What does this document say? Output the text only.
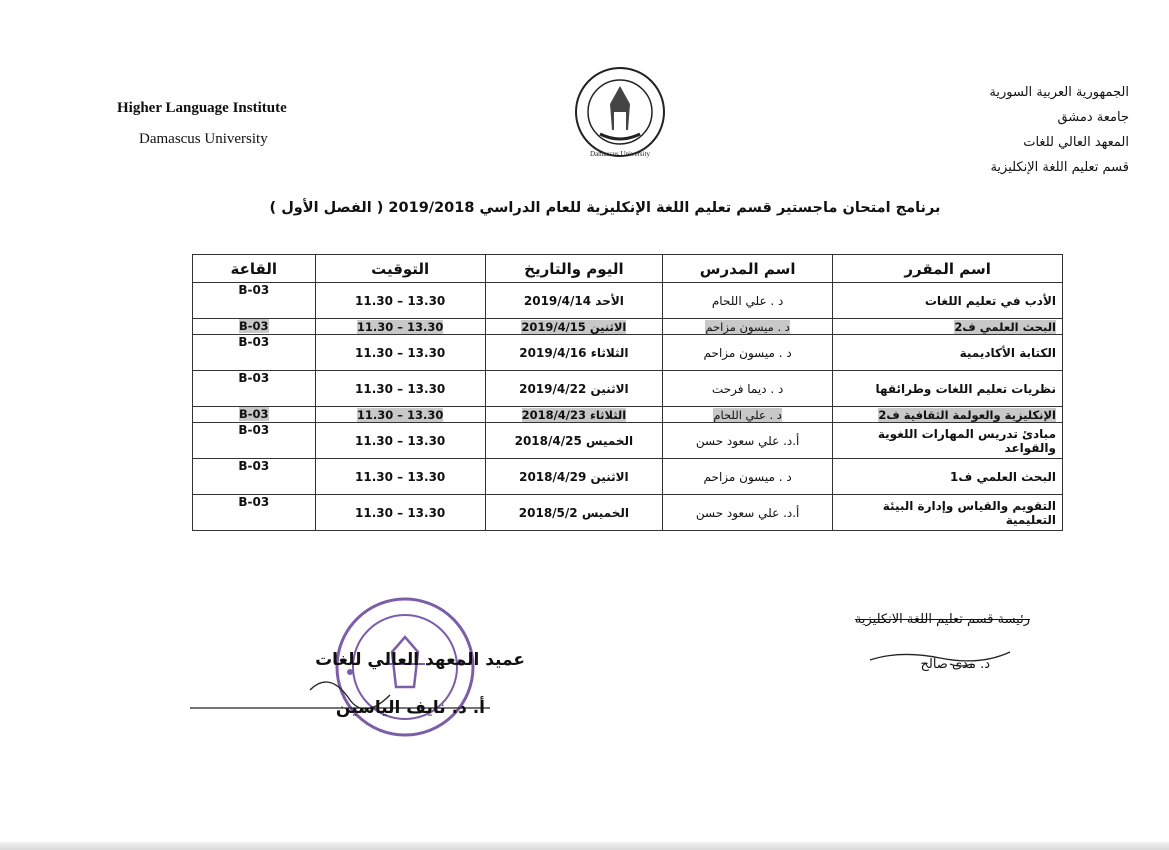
Higher Language Institute
Damascus University
Damascus University
الجمهورية العربية السورية
جامعة دمشق
المعهد العالي للغات
قسم تعليم اللغة الإنكليزية
برنامج امتحان ماجستير قسم تعليم اللغة الإنكليزية للعام الدراسي 2019/2018 ( الفصل الأول )
اسم المقرر	اسم المدرس	اليوم والتاريخ	التوقيت	القاعة
الأدب في تعليم اللغات	د . علي اللحام	الأحد 2019/4/14	13.30 – 11.30	B-03
البحث العلمي ف2	د . ميسون مزاحم	الاثنين 2019/4/15	13.30 – 11.30	B-03
الكتابة الأكاديمية	د . ميسون مزاحم	الثلاثاء 2019/4/16	13.30 – 11.30	B-03
نظريات تعليم اللغات وطرائقها	د . ديما فرحت	الاثنين 2019/4/22	13.30 – 11.30	B-03
الإنكليزية والعولمة الثقافية ف2	د . علي اللحام	الثلاثاء 2018/4/23	13.30 – 11.30	B-03
مبادئ تدريس المهارات اللغوية والقواعد	أ.د. علي سعود حسن	الخميس 2018/4/25	13.30 – 11.30	B-03
البحث العلمي ف1	د . ميسون مزاحم	الاثنين 2018/4/29	13.30 – 11.30	B-03
التقويم والقياس وإدارة البيئة التعليمية	أ.د. علي سعود حسن	الخميس 2018/5/2	13.30 – 11.30	B-03
رئيسة قسم تعليم اللغة الانكليزية
د. مدى صالح
عميد المعهد العالي للغات
أ. د. نايف الياسين
